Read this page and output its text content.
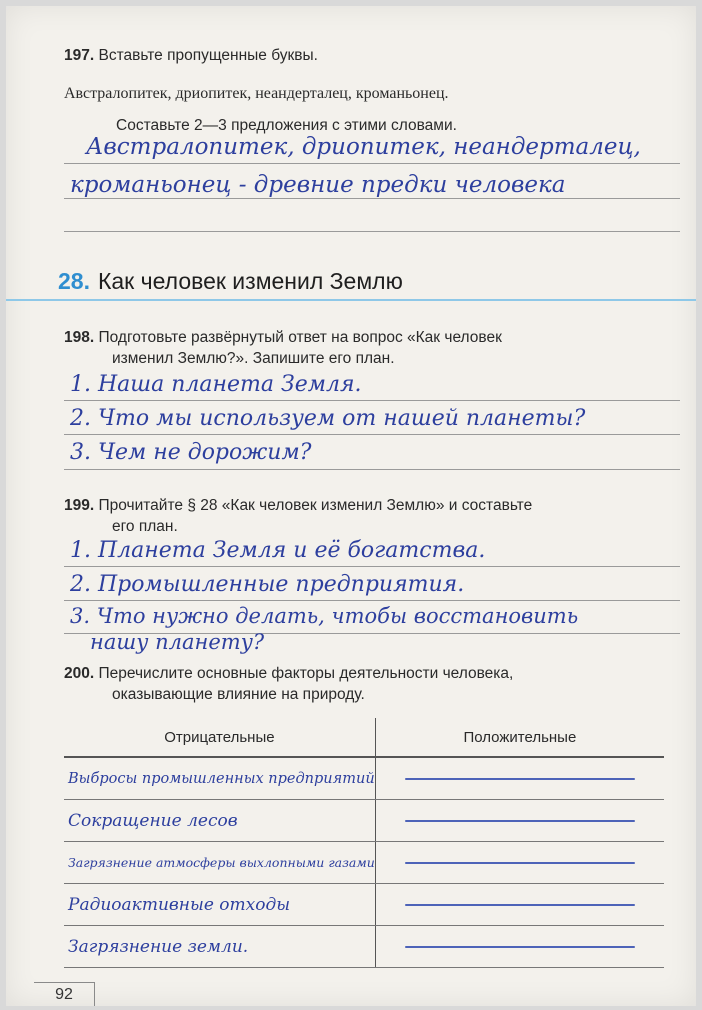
197. Вставьте пропущенные буквы.
Австралопитек, дриопитек, неандерталец, кроманьонец.
Составьте 2—3 предложения с этими словами.
Австралопитек, дриопитек, неандерталец,
кроманьонец - древние предки человека
28. Как человек изменил Землю
198. Подготовьте развёрнутый ответ на вопрос «Как человек
изменил Землю?». Запишите его план.
1. Наша планета Земля.
2. Что мы используем от нашей планеты?
3. Чем не дорожим?
199. Прочитайте § 28 «Как человек изменил Землю» и составьте
его план.
1. Планета Земля и её богатства.
2. Промышленные предприятия.
3. Что нужно делать, чтобы восстановить
нашу планету?
200. Перечислите основные факторы деятельности человека,
оказывающие влияние на природу.
Отрицательные	Положительные
Выбросы промышленных предприятий	

Сокращение лесов	

Загрязнение атмосферы выхлопными газами	

Радиоактивные отходы	

Загрязнение земли.	
92
